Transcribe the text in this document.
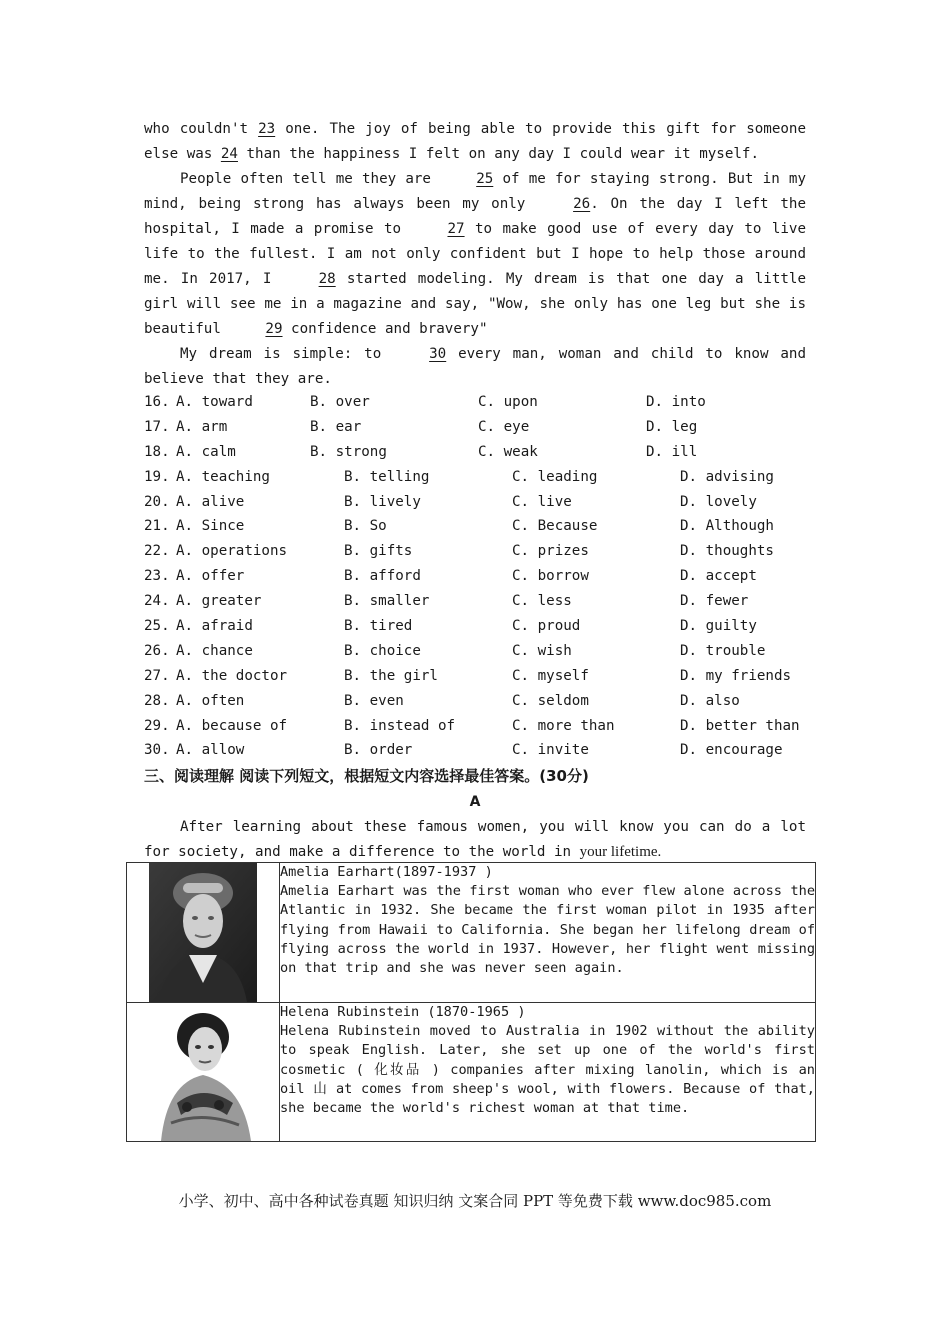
who couldn't 23 one. The joy of being able to provide this gift for someone else was 24 than the happiness I felt on any day I could wear it myself.
People often tell me they are	25 of me for staying strong. But in my mind, being strong has always been my only	26. On the day I left the hospital, I made a promise to	27 to make good use of every day to live life to the fullest. I am not only confident but I hope to help those around me. In 2017, I	28 started modeling. My dream is that one day a little girl will see me in a magazine and say, "Wow, she only has one leg but she is beautiful	29 confidence and bravery"
My dream is simple: to	30 every man, woman and child to know and believe that they are.
16. A. toward	B. over	C. upon	D. into
17. A. arm	B. ear	C. eye	D. leg
18. A. calm	B. strong	C. weak	D. ill
19. A. teaching	B. telling	C. leading	D. advising
20. A. alive	B. lively	C. live	D. lovely
21. A. Since	B. So	C. Because	D. Although
22. A. operations	B. gifts	C. prizes	D. thoughts
23. A. offer	B. afford	C. borrow	D. accept
24. A. greater	B. smaller	C. less	D. fewer
25. A. afraid	B. tired	C. proud	D. guilty
26. A. chance	B. choice	C. wish	D. trouble
27. A. the doctor	B. the girl	C. myself	D. my friends
28. A. often	B. even	C. seldom	D. also
29. A. because of	B. instead of	C. more than	D. better than
30. A. allow	B. order	C. invite	D. encourage
三、阅读理解 阅读下列短文，根据短文内容选择最佳答案。(30分)
A
After learning about these famous women, you will know you can do a lot for society, and make a difference to the world in your lifetime.

Amelia Earhart(1897-1937 )
Amelia Earhart was the first woman who ever flew alone across the Atlantic in 1932. She became the first woman pilot in 1935 after flying from Hawaii to California. She began her lifelong dream of flying across the world in 1937. However, her flight went missing on that trip and she was never seen again.

Helena Rubinstein (1870-1965 )
Helena Rubinstein moved to Australia in 1902 without the ability to speak English. Later, she set up one of the world's first cosmetic ( 化妆品 ) companies after mixing lanolin, which is an oil 山 at comes from sheep's wool, with flowers. Because of that, she became the world's richest woman at that time.
小学、初中、高中各种试卷真题 知识归纳 文案合同 PPT 等免费下载 www.doc985.com
